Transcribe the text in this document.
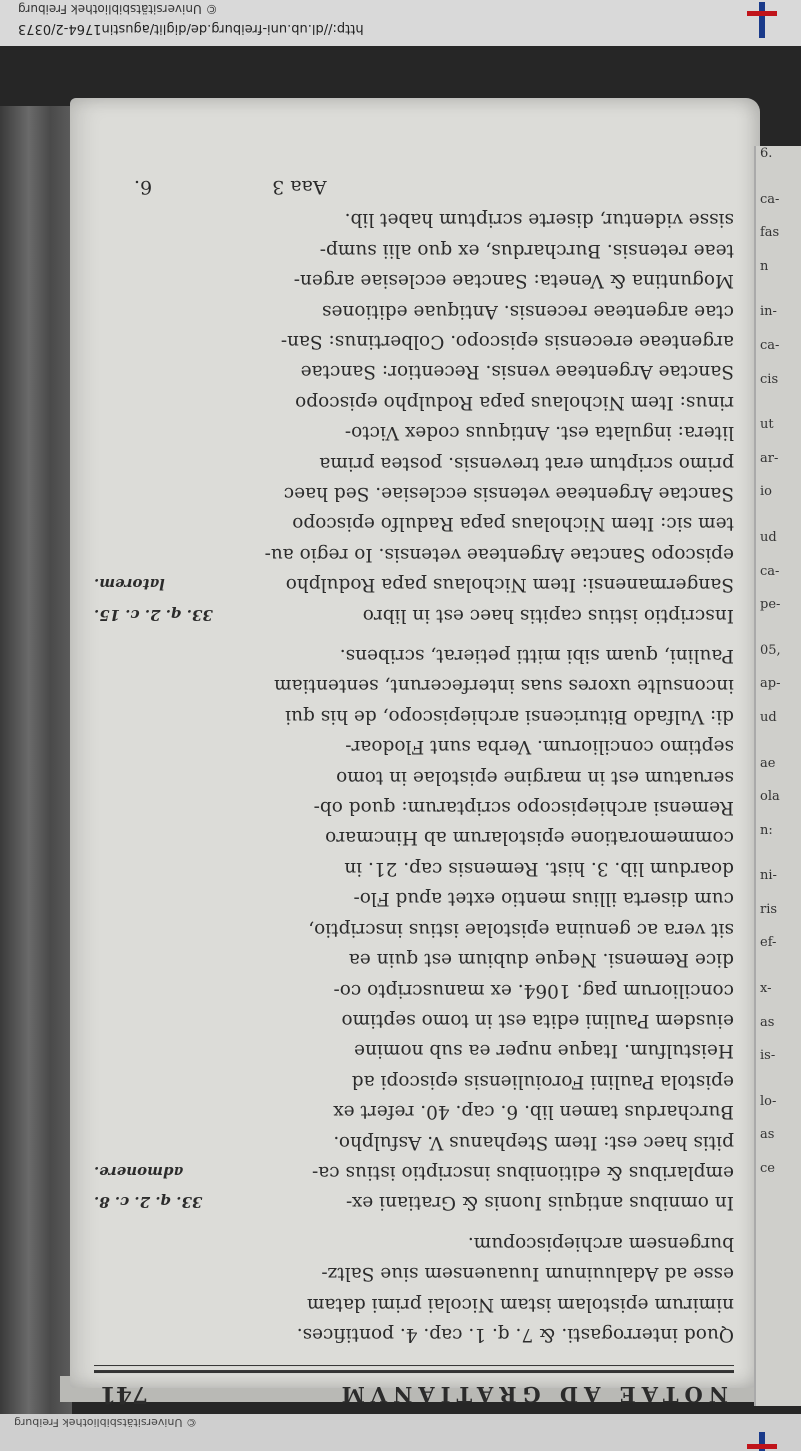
© Universitätsbibliothek Freiburg
http://dl.ub.uni-freiburg.de/diglit/agustin1764-2/0373
6.
ca-
fas
n
in-
ca-
cis
ut
ar-
io
ud
ca-
pe-
05,
ap-
ud
ae
ola
n:
ni-
ris
ef-
x-
as
is-
lo-
as
ce
NOTAE AD GRATIANVM
741
Quod interrogasti. & 7. q. 1. cap. 4. pontifices.
nimirum epistolam istam Nicolai primi datam
esse ad Adaluuinum Iuuauensem siue Saltz-
burgensem archiepiscopum.
In omnibus antiquis Iuonis & Gratiani ex-
33. q. 2. c. 8.
emplaribus & editionibus inscriptio istius ca-
admonere.
pitis haec est: Item Stephanus V. Asfulpho.
Burchardus tamen lib. 6. cap. 40. refert ex
epistola Paulini Foroiuliensis episcopi ad
Heistulfum. Itaque nuper ea sub nomine
eiusdem Paulini edita est in tomo septimo
conciliorum pag. 1064. ex manuscripto co-
dice Remensi. Neque dubium est quin ea
sit vera ac genuina epistolae istius inscriptio,
cum diserta illius mentio extet apud Flo-
doardum lib. 3. hist. Remensis cap. 21. in
commemoratione epistolarum ab Hincmaro
Remensi archiepiscopo scriptarum: quod ob-
seruatum est in margine epistolae in tomo
septimo conciliorum. Verba sunt Flodoar-
di: Vulfado Bituricensi archiepiscopo, de his qui
inconsulte uxores suas interfecerunt, sententiam
Paulini, quam sibi mitti petierat, scribens.
Inscriptio istius capitis haec est in libro
33. q. 2. c. 15.
Sangermanensi: Item Nicholaus papa Rodulpho
latorem.
episcopo Sanctae Argenteae vetensis. Io regio au-
tem sic: Item Nicholaus papa Radulfo episcopo
Sanctae Argenteae vetensis ecclesiae. Sed haec
primo scriptum erat trevensis. postea prima
litera: ingulata est. Antiquus codex Victo-
rinus: Item Nicholaus papa Rodulpho episcopo
Sanctae Argenteae vensis. Recentior: Sanctae
argenteae erecensis episcopo. Colbertinus: San-
ctae argenteae recensis. Antiquae editiones
Moguntina & Veneta: Sanctae ecclesiae argen-
teae retensis. Burchardus, ex quo alii sump-
sisse videntur, diserte scriptum habet lib.
Aaa 3
6.
© Universitätsbibliothek Freiburg
